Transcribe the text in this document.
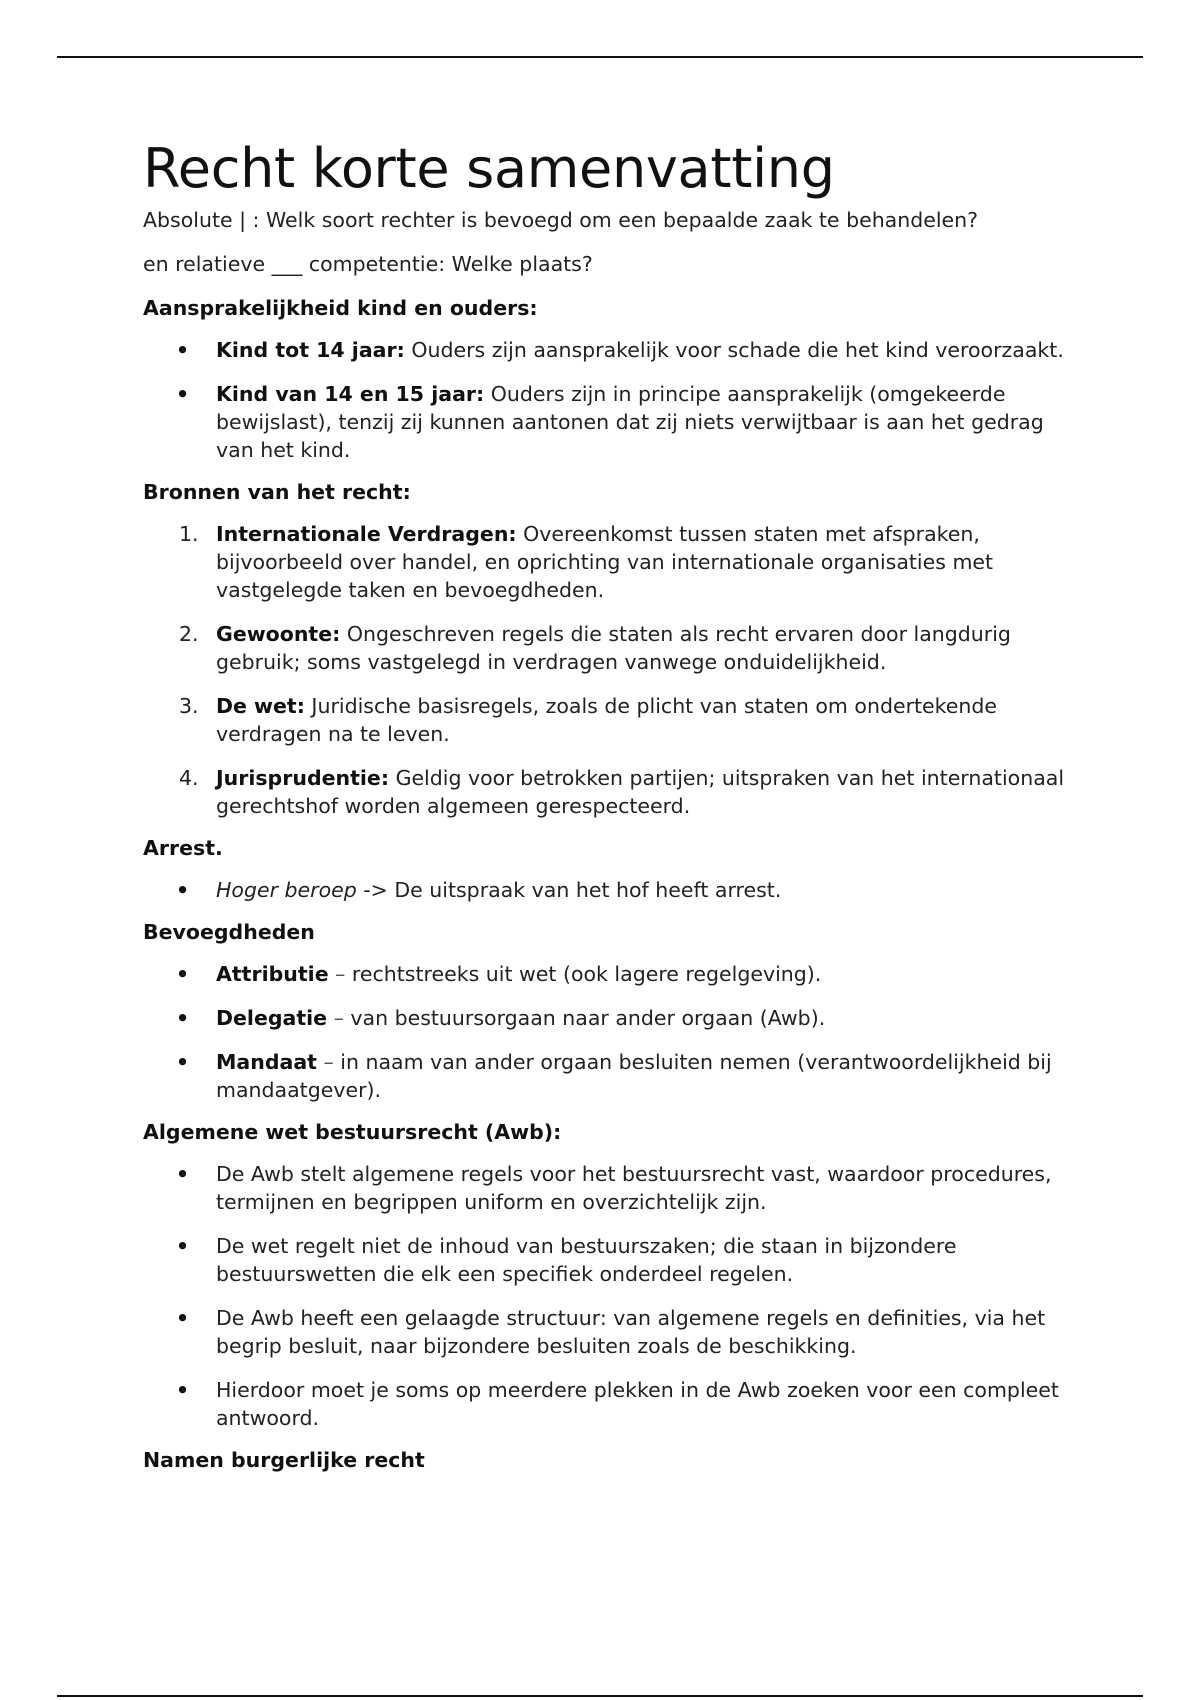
Recht korte samenvatting

Absolute | : Welk soort rechter is bevoegd om een bepaalde zaak te behandelen?

en relatieve ___ competentie: Welke plaats?

Aansprakelijkheid kind en ouders:

• Kind tot 14 jaar: Ouders zijn aansprakelijk voor schade die het kind veroorzaakt.
• Kind van 14 en 15 jaar: Ouders zijn in principe aansprakelijk (omgekeerde bewijslast), tenzij zij kunnen aantonen dat zij niets verwijtbaar is aan het gedrag van het kind.

Bronnen van het recht:

1. Internationale Verdragen: Overeenkomst tussen staten met afspraken, bijvoorbeeld over handel, en oprichting van internationale organisaties met vastgelegde taken en bevoegdheden.
2. Gewoonte: Ongeschreven regels die staten als recht ervaren door langdurig gebruik; soms vastgelegd in verdragen vanwege onduidelijkheid.
3. De wet: Juridische basisregels, zoals de plicht van staten om ondertekende verdragen na te leven.
4. Jurisprudentie: Geldig voor betrokken partijen; uitspraken van het internationaal gerechtshof worden algemeen gerespecteerd.

Arrest.

• Hoger beroep -> De uitspraak van het hof heeft arrest.

Bevoegdheden

• Attributie – rechtstreeks uit wet (ook lagere regelgeving).
• Delegatie – van bestuursorgaan naar ander orgaan (Awb).
• Mandaat – in naam van ander orgaan besluiten nemen (verantwoordelijkheid bij mandaatgever).

Algemene wet bestuursrecht (Awb):

• De Awb stelt algemene regels voor het bestuursrecht vast, waardoor procedures, termijnen en begrippen uniform en overzichtelijk zijn.
• De wet regelt niet de inhoud van bestuurszaken; die staan in bijzondere bestuurswetten die elk een specifiek onderdeel regelen.
• De Awb heeft een gelaagde structuur: van algemene regels en definities, via het begrip besluit, naar bijzondere besluiten zoals de beschikking.
• Hierdoor moet je soms op meerdere plekken in de Awb zoeken voor een compleet antwoord.

Namen burgerlijke recht
